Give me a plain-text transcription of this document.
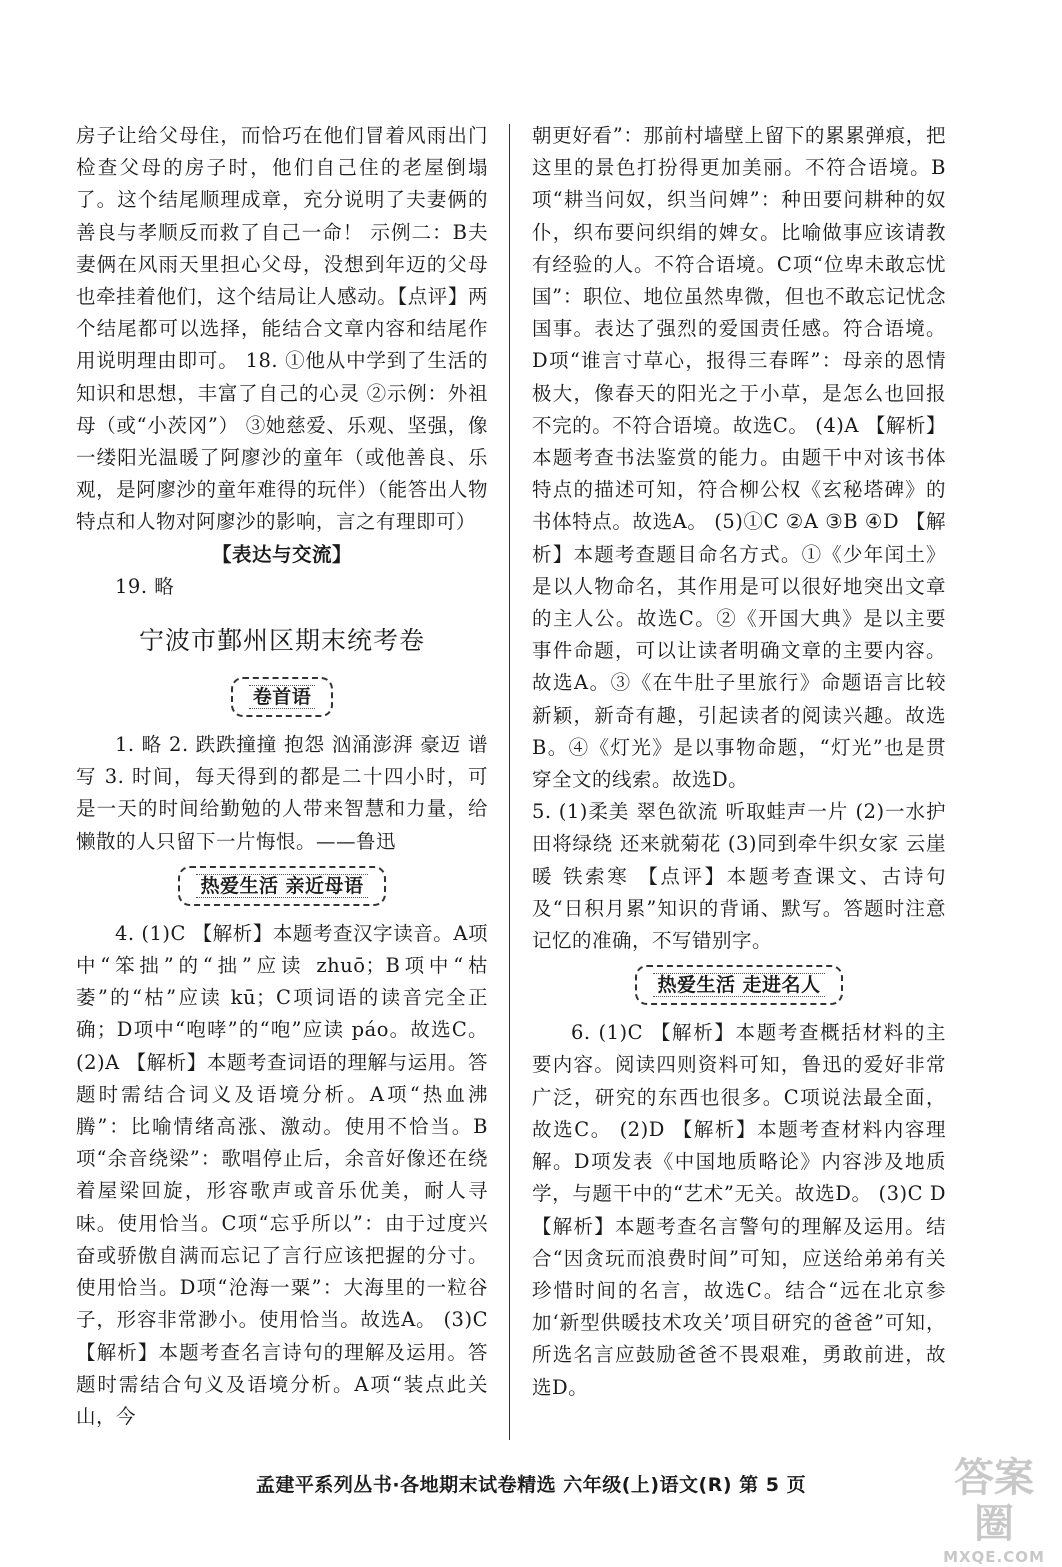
房子让给父母住，而恰巧在他们冒着风雨出门检查父母的房子时，他们自己住的老屋倒塌了。这个结尾顺理成章，充分说明了夫妻俩的善良与孝顺反而救了自己一命！ 示例二：B夫妻俩在风雨天里担心父母，没想到年迈的父母也牵挂着他们，这个结局让人感动。【点评】两个结尾都可以选择，能结合文章内容和结尾作用说明理由即可。 18. ①他从中学到了生活的知识和思想，丰富了自己的心灵 ②示例：外祖母（或“小茨冈”） ③她慈爱、乐观、坚强，像一缕阳光温暖了阿廖沙的童年（或他善良、乐观，是阿廖沙的童年难得的玩伴）（能答出人物特点和人物对阿廖沙的影响，言之有理即可）

【表达与交流】

19. 略

宁波市鄞州区期末统考卷
卷首语

1. 略 2. 跌跌撞撞 抱怨 汹涌澎湃 豪迈 谱写 3. 时间，每天得到的都是二十四小时，可是一天的时间给勤勉的人带来智慧和力量，给懒散的人只留下一片悔恨。——鲁迅

热爱生活 亲近母语

4. (1)C 【解析】本题考查汉字读音。A项中“笨拙”的“拙”应读 zhuō；B项中“枯萎”的“枯”应读 kū；C项词语的读音完全正确；D项中“咆哮”的“咆”应读 páo。故选C。 (2)A 【解析】本题考查词语的理解与运用。答题时需结合词义及语境分析。A项“热血沸腾”：比喻情绪高涨、激动。使用不恰当。B项“余音绕梁”：歌唱停止后，余音好像还在绕着屋梁回旋，形容歌声或音乐优美，耐人寻味。使用恰当。C项“忘乎所以”：由于过度兴奋或骄傲自满而忘记了言行应该把握的分寸。使用恰当。D项“沧海一粟”：大海里的一粒谷子，形容非常渺小。使用恰当。故选A。 (3)C 【解析】本题考查名言诗句的理解及运用。答题时需结合句义及语境分析。A项“装点此关山，今

朝更好看”：那前村墙壁上留下的累累弹痕，把这里的景色打扮得更加美丽。不符合语境。B项“耕当问奴，织当问婢”：种田要问耕种的奴仆，织布要问织绢的婢女。比喻做事应该请教有经验的人。不符合语境。C项“位卑未敢忘忧国”：职位、地位虽然卑微，但也不敢忘记忧念国事。表达了强烈的爱国责任感。符合语境。D项“谁言寸草心，报得三春晖”：母亲的恩情极大，像春天的阳光之于小草，是怎么也回报不完的。不符合语境。故选C。 (4)A 【解析】本题考查书法鉴赏的能力。由题干中对该书体特点的描述可知，符合柳公权《玄秘塔碑》的书体特点。故选A。 (5)①C ②A ③B ④D 【解析】本题考查题目命名方式。①《少年闰土》是以人物命名，其作用是可以很好地突出文章的主人公。故选C。②《开国大典》是以主要事件命题，可以让读者明确文章的主要内容。故选A。③《在牛肚子里旅行》命题语言比较新颖，新奇有趣，引起读者的阅读兴趣。故选B。④《灯光》是以事物命题，“灯光”也是贯穿全文的线索。故选D。

5. (1)柔美 翠色欲流 听取蛙声一片 (2)一水护田将绿绕 还来就菊花 (3)同到牵牛织女家 云崖暖 铁索寒 【点评】本题考查课文、古诗句及“日积月累”知识的背诵、默写。答题时注意记忆的准确，不写错别字。

热爱生活 走进名人

6. (1)C 【解析】本题考查概括材料的主要内容。阅读四则资料可知，鲁迅的爱好非常广泛，研究的东西也很多。C项说法最全面，故选C。 (2)D 【解析】本题考查材料内容理解。D项发表《中国地质略论》内容涉及地质学，与题干中的“艺术”无关。故选D。 (3)C D 【解析】本题考查名言警句的理解及运用。结合“因贪玩而浪费时间”可知，应送给弟弟有关珍惜时间的名言，故选C。结合“远在北京参加‘新型供暖技术攻关’项目研究的爸爸”可知，所选名言应鼓励爸爸不畏艰难，勇敢前进，故选D。

孟建平系列丛书·各地期末试卷精选 六年级(上)语文(R) 第 5 页	答案圈
MXQE.COM
